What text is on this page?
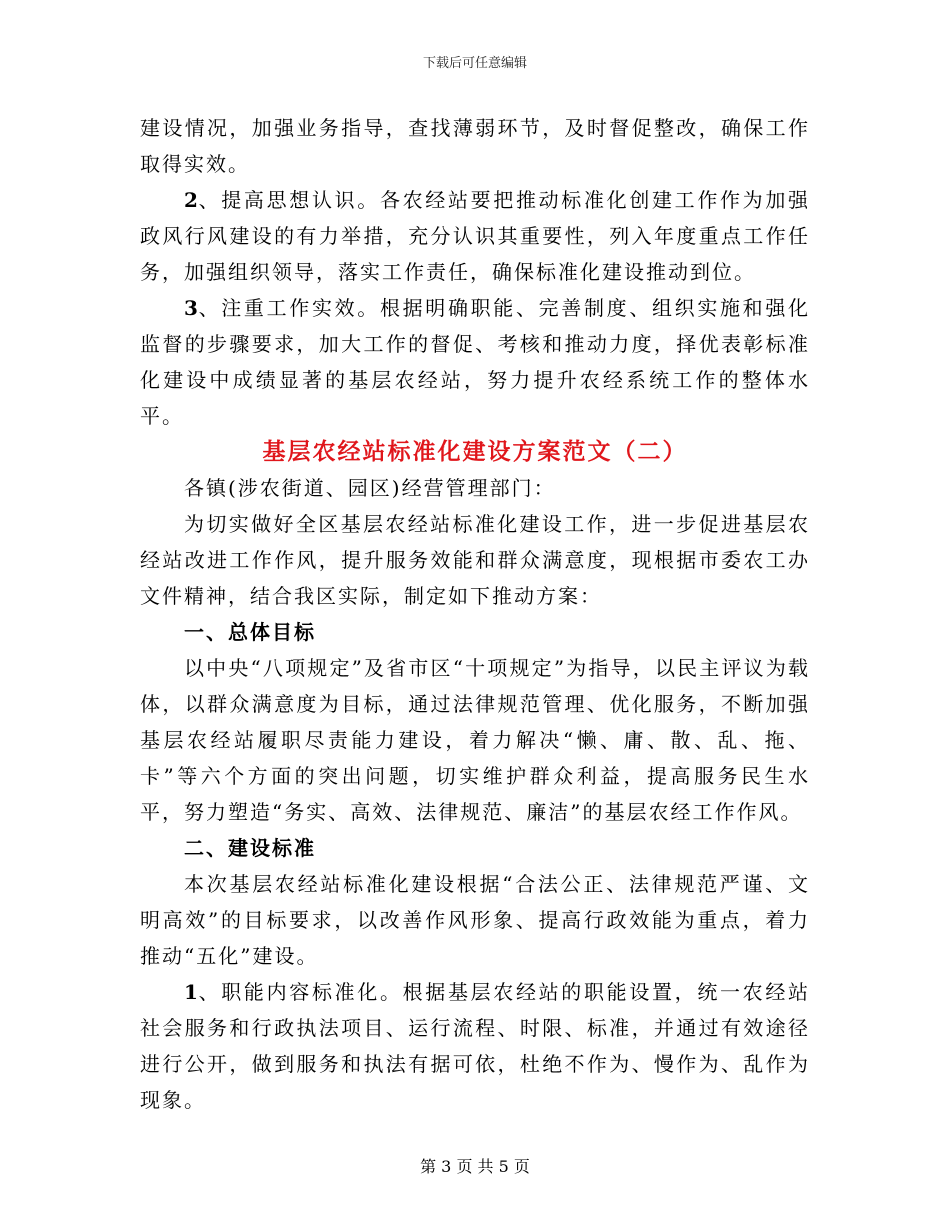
下载后可任意编辑

建设情况，加强业务指导，查找薄弱环节，及时督促整改，确保工作取得实效。

2、提高思想认识。各农经站要把推动标准化创建工作作为加强政风行风建设的有力举措，充分认识其重要性，列入年度重点工作任务，加强组织领导，落实工作责任，确保标准化建设推动到位。

3、注重工作实效。根据明确职能、完善制度、组织实施和强化监督的步骤要求，加大工作的督促、考核和推动力度，择优表彰标准化建设中成绩显著的基层农经站，努力提升农经系统工作的整体水平。

基层农经站标准化建设方案范文（二）

各镇(涉农街道、园区)经营管理部门：

为切实做好全区基层农经站标准化建设工作，进一步促进基层农经站改进工作作风，提升服务效能和群众满意度，现根据市委农工办文件精神，结合我区实际，制定如下推动方案：

一、总体目标

以中央“八项规定”及省市区“十项规定”为指导，以民主评议为载体，以群众满意度为目标，通过法律规范管理、优化服务，不断加强基层农经站履职尽责能力建设，着力解决“懒、庸、散、乱、拖、卡”等六个方面的突出问题，切实维护群众利益，提高服务民生水平，努力塑造“务实、高效、法律规范、廉洁”的基层农经工作作风。

二、建设标准

本次基层农经站标准化建设根据“合法公正、法律规范严谨、文明高效”的目标要求，以改善作风形象、提高行政效能为重点，着力推动“五化”建设。

1、职能内容标准化。根据基层农经站的职能设置，统一农经站社会服务和行政执法项目、运行流程、时限、标准，并通过有效途径进行公开，做到服务和执法有据可依，杜绝不作为、慢作为、乱作为现象。

第 3 页 共 5 页
